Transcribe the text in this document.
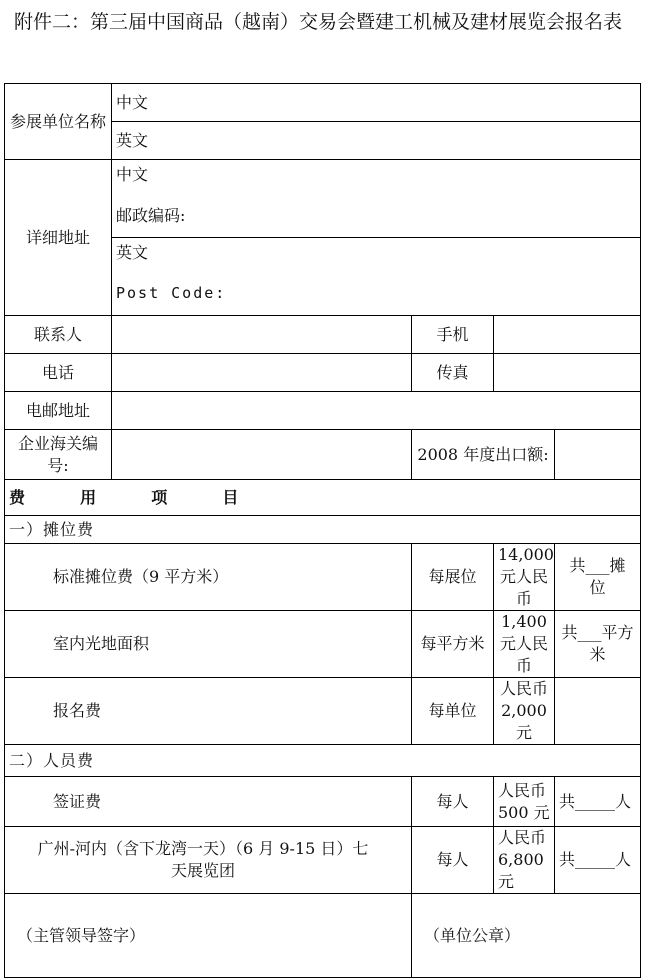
附件二：第三届中国商品（越南）交易会暨建工机械及建材展览会报名表
参展单位名称	中文			
	英文			
详细地址	中文
邮政编码:			

	英文
Post Code:			

联系人		手机		
电话		传真		
电邮地址				
企业海关编号:		2008 年度出口额:		
费 用 项 目				
一）摊位费				
标准摊位费（9 平方米）		每展位	14,000 元人民币	共___摊 位
室内光地面积		每平方米	1,400 元人民币	共___平方米
报名费		每单位	人民币 2,000 元	
二）人员费				
签证费		每人	人民币 500 元	共_____人
广州-河内（含下龙湾一天）（6 月 9-15 日）七天展览团		每人	人民币 6,800 元	共_____人
（主管领导签字）		（单位公章）		
